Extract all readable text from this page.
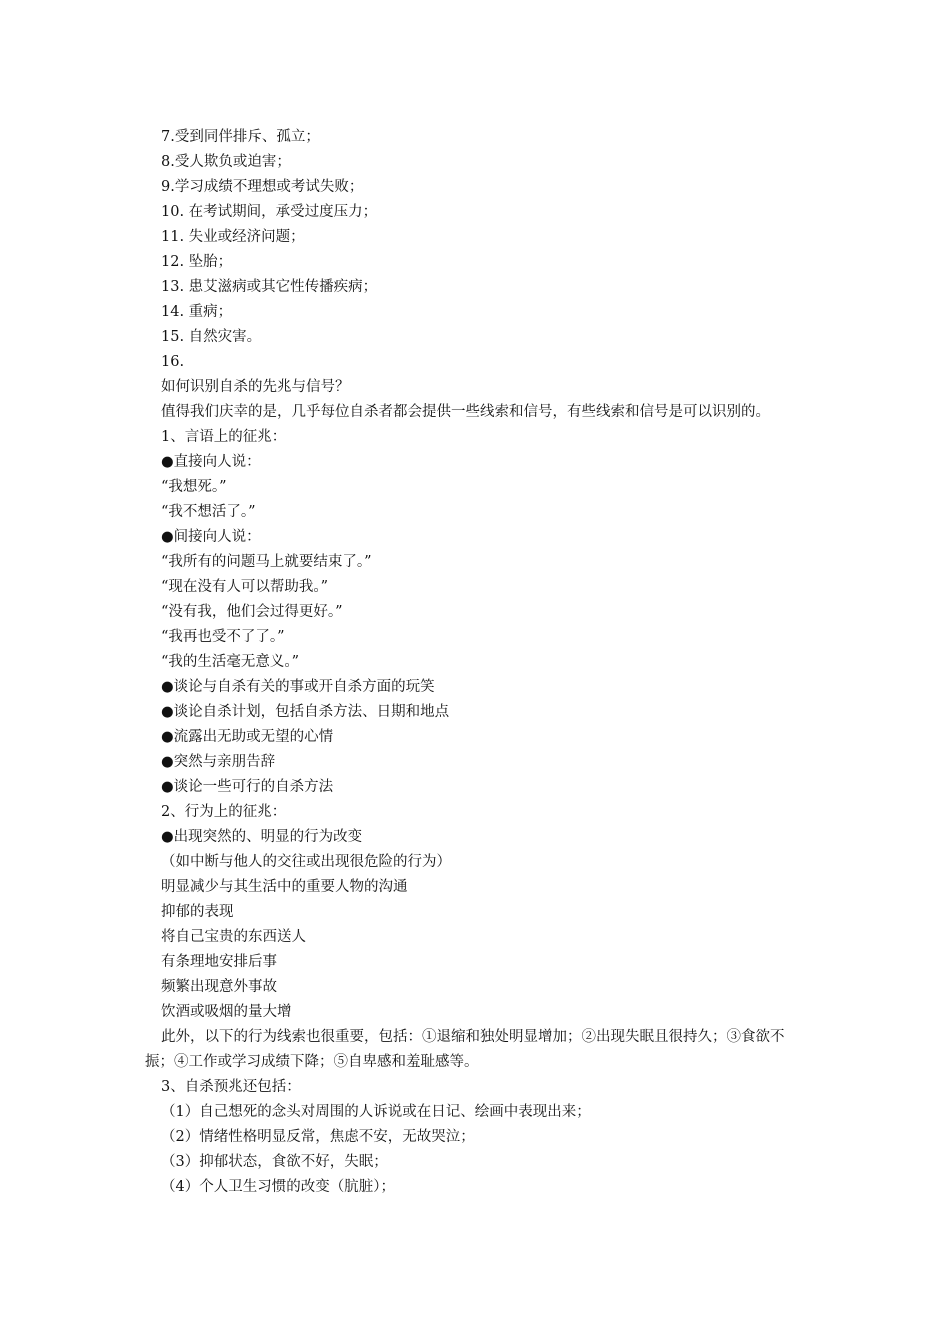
7.受到同伴排斥、孤立；
8.受人欺负或迫害；
9.学习成绩不理想或考试失败；
10. 在考试期间，承受过度压力；
11. 失业或经济问题；
12. 坠胎；
13. 患艾滋病或其它性传播疾病；
14. 重病；
15. 自然灾害。
16.
如何识别自杀的先兆与信号？
值得我们庆幸的是，几乎每位自杀者都会提供一些线索和信号，有些线索和信号是可以识别的。
1、言语上的征兆：
●直接向人说：
“我想死。”
“我不想活了。”
●间接向人说：
“我所有的问题马上就要结束了。”
“现在没有人可以帮助我。”
“没有我，他们会过得更好。”
“我再也受不了了。”
“我的生活毫无意义。”
●谈论与自杀有关的事或开自杀方面的玩笑
●谈论自杀计划，包括自杀方法、日期和地点
●流露出无助或无望的心情
●突然与亲朋告辞
●谈论一些可行的自杀方法
2、行为上的征兆：
●出现突然的、明显的行为改变
（如中断与他人的交往或出现很危险的行为）
明显减少与其生活中的重要人物的沟通
抑郁的表现
将自己宝贵的东西送人
有条理地安排后事
频繁出现意外事故
饮酒或吸烟的量大增
此外，以下的行为线索也很重要，包括：①退缩和独处明显增加；②出现失眠且很持久；③食欲不振；④工作或学习成绩下降；⑤自卑感和羞耻感等。
3、自杀预兆还包括：
（1）自己想死的念头对周围的人诉说或在日记、绘画中表现出来；
（2）情绪性格明显反常，焦虑不安，无故哭泣；
（3）抑郁状态，食欲不好，失眠；
（4）个人卫生习惯的改变（肮脏）；
